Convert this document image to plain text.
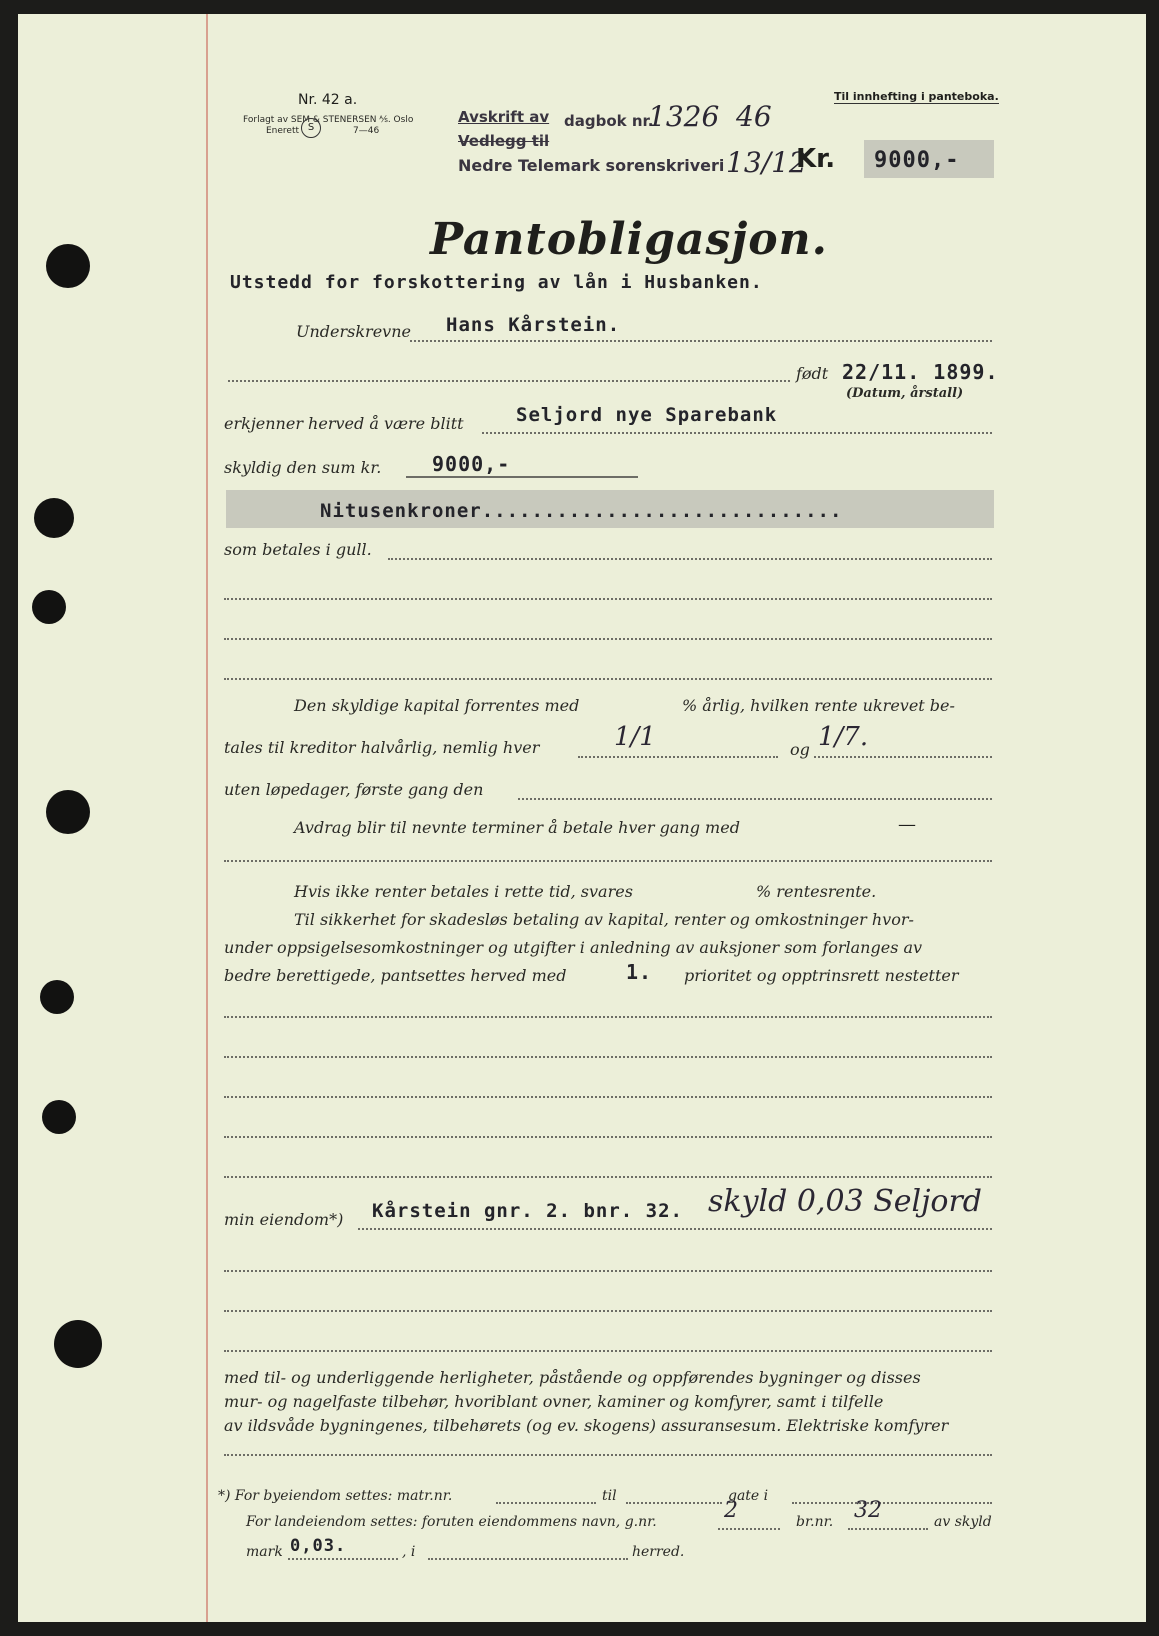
Nr. 42 a.
Forlagt av SEM & STENERSEN ⅍. Oslo
Enerett S	7—46
Avskrift av dagbok nr.
1326 46
Vedlegg til
Nedre Telemark sorenskriveri 13/12
Til innhefting i panteboka.
Kr. 9000,-
Pantobligasjon.
Utstedd for forskottering av lån i Husbanken.
Underskrevne Hans Kårstein.
født 22/11. 1899.
(Datum, årstall)
erkjenner herved å være blitt	Seljord nye Sparebank
skyldig den sum kr.	9000,-
Nitusenkroner.............................
som betales i gull.
Den skyldige kapital forrentes med	% årlig, hvilken rente ukrevet be-
tales til kreditor halvårlig, nemlig hver	1/1	og 1/7.
uten løpedager, første gang den
Avdrag blir til nevnte terminer å betale hver gang med	—
Hvis ikke renter betales i rette tid, svares	% rentesrente.
Til sikkerhet for skadesløs betaling av kapital, renter og omkostninger hvor-
under oppsigelsesomkostninger og utgifter i anledning av auksjoner som forlanges av
bedre berettigede, pantsettes herved med	1. prioritet og opptrinsrett nestetter
min eiendom*) Kårstein gnr. 2. bnr. 32. skyld 0,03 Seljord
med til- og underliggende herligheter, påstående og oppførendes bygninger og disses
mur- og nagelfaste tilbehør, hvoriblant ovner, kaminer og komfyrer, samt i tilfelle
av ildsvåde bygningenes, tilbehørets (og ev. skogens) assuransesum. Elektriske komfyrer
*) For byeiendom settes: matr.nr.	til	gate i
For landeiendom settes: foruten eiendommens navn, g.nr.	2	br.nr. 32	av skyld
mark 0,03.	, i	herred.
